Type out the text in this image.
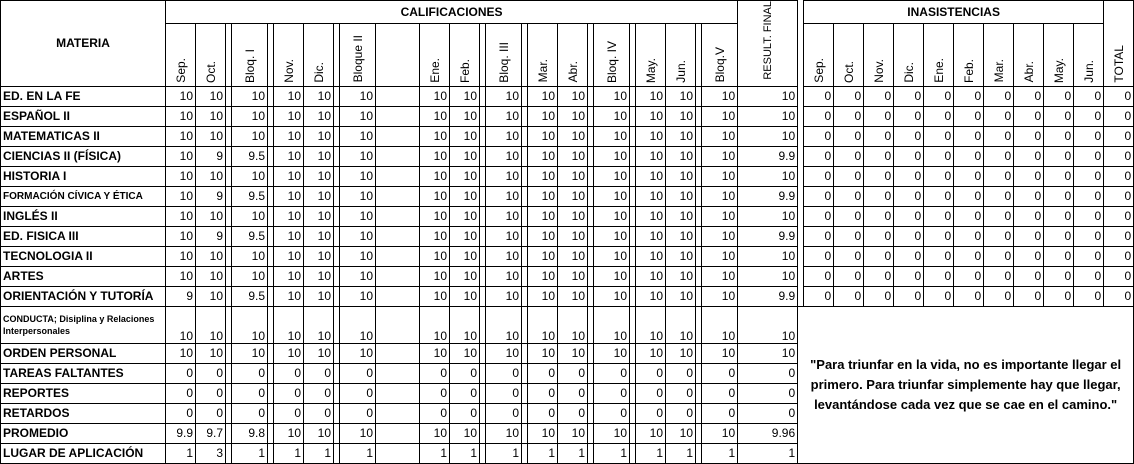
MATERIA	CALIFICACIONES																								RESULT. FINAL		INASISTENCIAS										TOTAL

	Sep.	Oct.		Bloq. I		Nov.	Dic.		Bloque II		Ene.	Feb.		Bloq. III		Mar.	Abr.		Bloq. IV		May.	Jun.		Bloq.V			Sep.	Oct.	Nov.	Dic.	Ene.	Feb.	Mar.	Abr.	May.	Jun.	

ED. EN LA FE	10	10		10		10	10		10		10	10		10		10	10		10		10	10		10	10		0	0	0	0	0	0	0	0	0	0	0
ESPAÑOL II	10	10		10		10	10		10		10	10		10		10	10		10		10	10		10	10		0	0	0	0	0	0	0	0	0	0	0
MATEMATICAS II	10	10		10		10	10		10		10	10		10		10	10		10		10	10		10	10		0	0	0	0	0	0	0	0	0	0	0
CIENCIAS II (FÍSICA)	10	9		9.5		10	10		10		10	10		10		10	10		10		10	10		10	9.9		0	0	0	0	0	0	0	0	0	0	0
HISTORIA I	10	10		10		10	10		10		10	10		10		10	10		10		10	10		10	10		0	0	0	0	0	0	0	0	0	0	0
FORMACIÓN CÍVICA Y ÉTICA	10	9		9.5		10	10		10		10	10		10		10	10		10		10	10		10	9.9		0	0	0	0	0	0	0	0	0	0	0
INGLÉS II	10	10		10		10	10		10		10	10		10		10	10		10		10	10		10	10		0	0	0	0	0	0	0	0	0	0	0
ED. FISICA III	10	9		9.5		10	10		10		10	10		10		10	10		10		10	10		10	9.9		0	0	0	0	0	0	0	0	0	0	0
TECNOLOGIA II	10	10		10		10	10		10		10	10		10		10	10		10		10	10		10	10		0	0	0	0	0	0	0	0	0	0	0
ARTES	10	10		10		10	10		10		10	10		10		10	10		10		10	10		10	10		0	0	0	0	0	0	0	0	0	0	0
ORIENTACIÓN Y TUTORÍA	9	10		9.5		10	10		10		10	10		10		10	10		10		10	10		10	9.9		0	0	0	0	0	0	0	0	0	0	0
CONDUCTA; Disiplina y Relaciones Interpersonales	10	10		10		10	10		10		10	10		10		10	10		10		10	10		10	10	"Para triunfar en la vida, no es importante llegar el primero. Para triunfar simplemente hay que llegar, levantándose cada vez que se cae en el camino."											
ORDEN PERSONAL	10	10		10		10	10		10		10	10		10		10	10		10		10	10		10	10												
TAREAS FALTANTES	0	0		0		0	0		0		0	0		0		0	0		0		0	0		0	0												
REPORTES	0	0		0		0	0		0		0	0		0		0	0		0		0	0		0	0												
RETARDOS	0	0		0		0	0		0		0	0		0		0	0		0		0	0		0	0												
PROMEDIO	9.9	9.7		9.8		10	10		10		10	10		10		10	10		10		10	10		10	9.96												
LUGAR DE APLICACIÓN	1	3		1		1	1		1		1	1		1		1	1		1		1	1		1	1												
